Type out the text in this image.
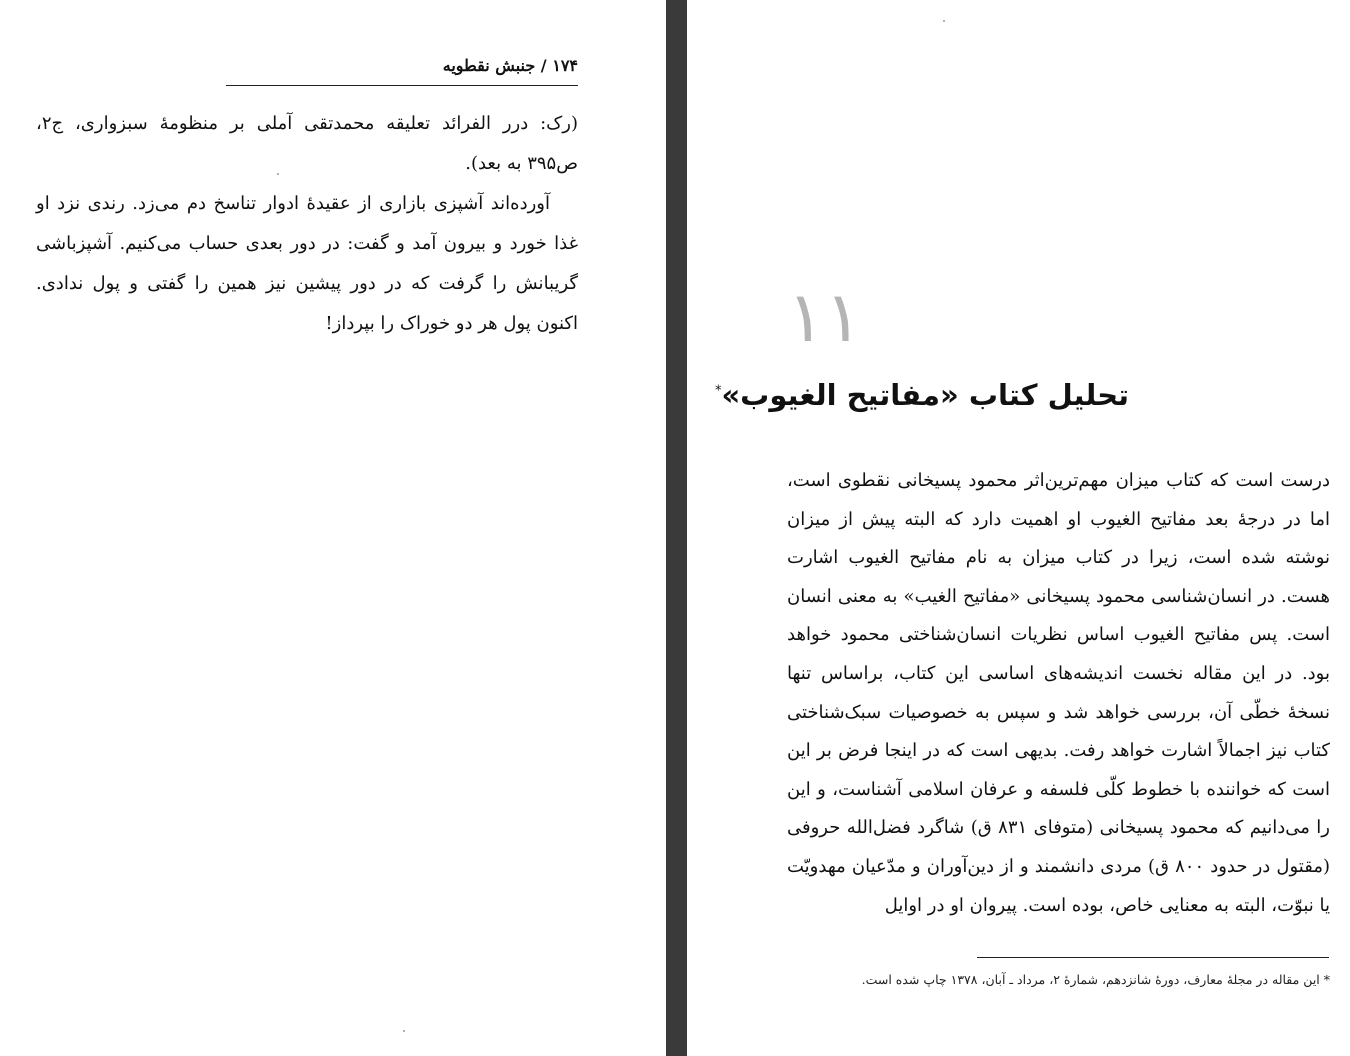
۱۷۴ / جنبش نقطویه

(رک: درر الفرائد تعلیقه محمدتقی آملی بر منظومهٔ سبزواری، ج۲، ص۳۹۵ به بعد).

آورده‌اند آشپزی بازاری از عقیدهٔ ادوار تناسخ دم می‌زد. رندی نزد او غذا خورد و بیرون آمد و گفت: در دور بعدی حساب می‌کنیم. آشپزباشی گریبانش را گرفت که در دور پیشین نیز همین را گفتی و پول ندادی. اکنون پول هر دو خوراک را بپرداز!	۱۱
تحلیل کتاب «مفاتیح الغیوب»*

درست است که کتاب میزان مهم‌ترین‌اثر محمود پسیخانی نقطوی است، اما در درجهٔ بعد مفاتیح الغیوب او اهمیت دارد که البته پیش از میزان نوشته شده است، زیرا در کتاب میزان به نام مفاتیح الغیوب اشارت هست. در انسان‌شناسی محمود پسیخانی «مفاتیح الغیب» به معنی انسان است. پس مفاتیح الغیوب اساس نظریات انسان‌شناختی محمود خواهد بود. در این مقاله نخست اندیشه‌های اساسی این کتاب، براساس تنها نسخهٔ خطّی آن، بررسی خواهد شد و سپس به خصوصیات سبک‌شناختی کتاب نیز اجمالاً اشارت خواهد رفت. بدیهی است که در اینجا فرض بر این است که خواننده با خطوط کلّی فلسفه و عرفان اسلامی آشناست، و این را می‌دانیم که محمود پسیخانی (متوفای ۸۳۱ ق) شاگرد فضل‌الله حروفی (مقتول در حدود ۸۰۰ ق) مردی دانشمند و از دین‌آوران و مدّعیان مهدویّت یا نبوّت، البته به معنایی خاص، بوده است. پیروان او در اوایل

* این مقاله در مجلهٔ معارف، دورهٔ شانزدهم، شمارهٔ ۲، مرداد ـ آبان، ۱۳۷۸ چاپ شده است.
